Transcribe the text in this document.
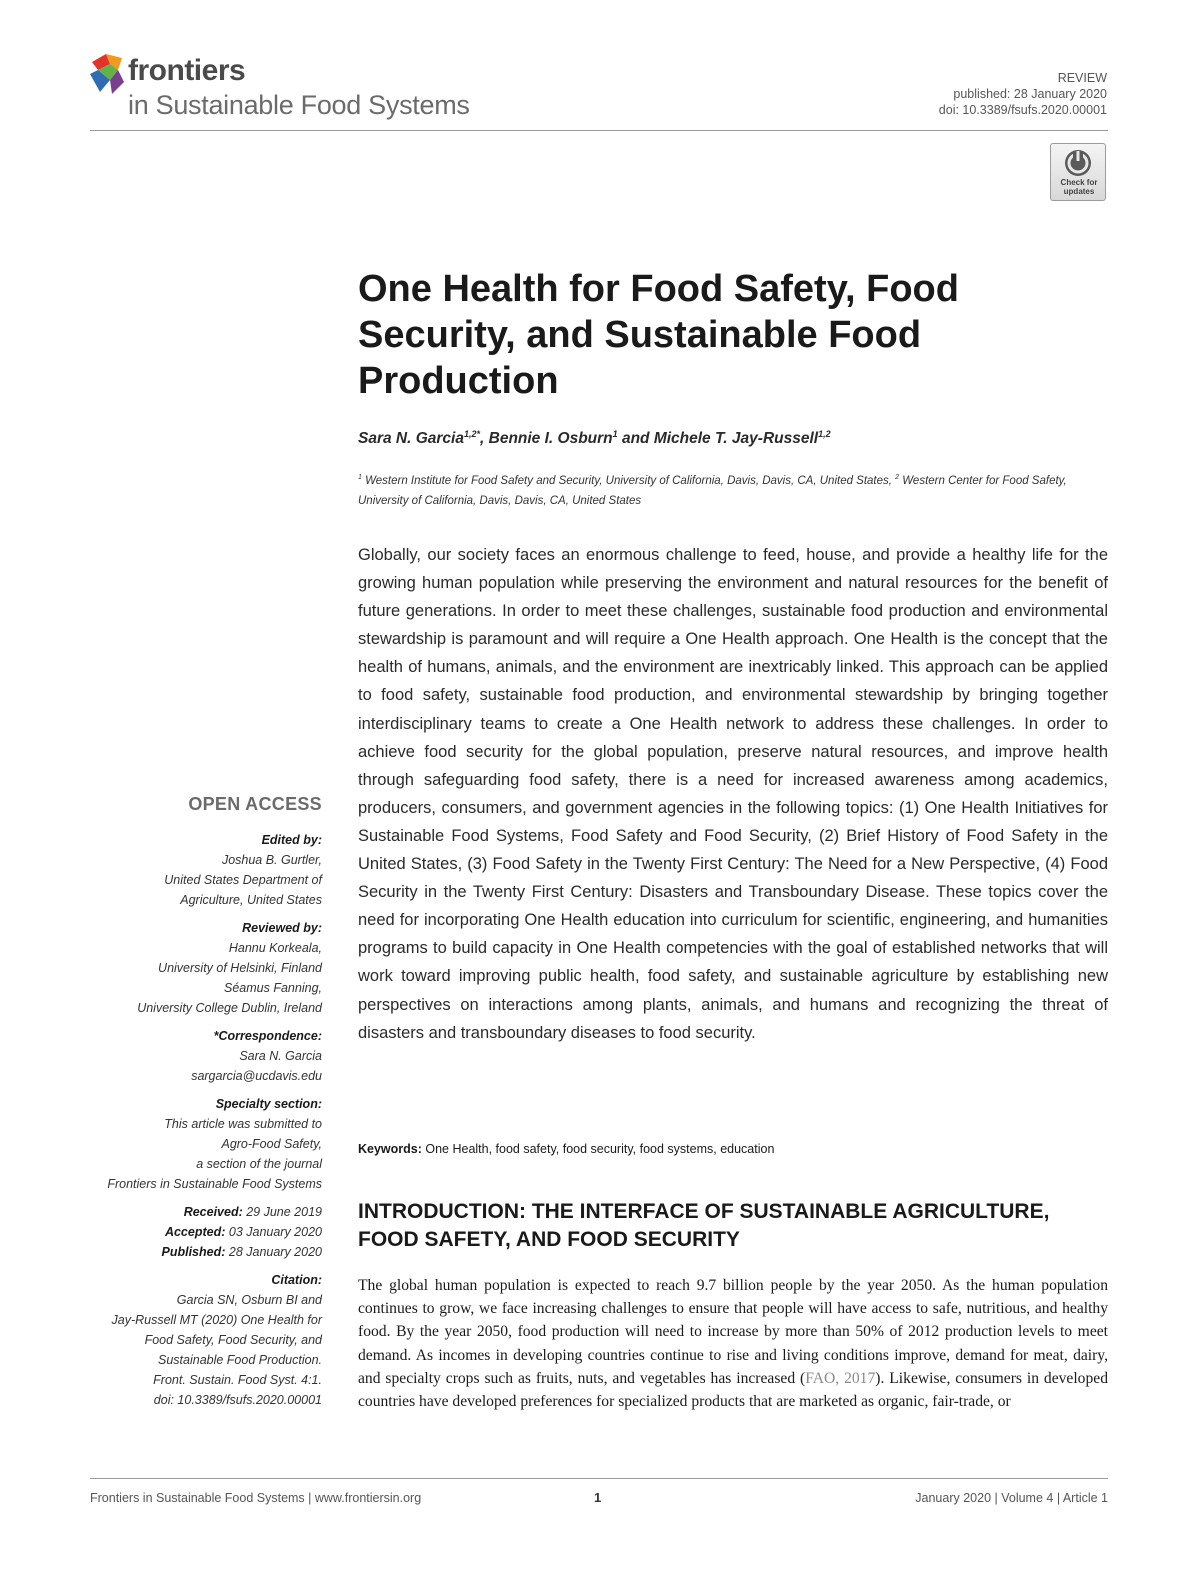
frontiers
in Sustainable Food Systems
REVIEW
published: 28 January 2020
doi: 10.3389/fsufs.2020.00001
Check for
updates
One Health for Food Safety, Food Security, and Sustainable Food Production
Sara N. Garcia$^{1,2*}$, Bennie I. Osburn$^1$ and Michele T. Jay-Russell$^{1,2}$
$^1$ Western Institute for Food Safety and Security, University of California, Davis, Davis, CA, United States, $^2$ Western Center for Food Safety, University of California, Davis, Davis, CA, United States

Globally, our society faces an enormous challenge to feed, house, and provide a healthy life for the growing human population while preserving the environment and natural resources for the benefit of future generations. In order to meet these challenges, sustainable food production and environmental stewardship is paramount and will require a One Health approach. One Health is the concept that the health of humans, animals, and the environment are inextricably linked. This approach can be applied to food safety, sustainable food production, and environmental stewardship by bringing together interdisciplinary teams to create a One Health network to address these challenges. In order to achieve food security for the global population, preserve natural resources, and improve health through safeguarding food safety, there is a need for increased awareness among academics, producers, consumers, and government agencies in the following topics: (1) One Health Initiatives for Sustainable Food Systems, Food Safety and Food Security, (2) Brief History of Food Safety in the United States, (3) Food Safety in the Twenty First Century: The Need for a New Perspective, (4) Food Security in the Twenty First Century: Disasters and Transboundary Disease. These topics cover the need for incorporating One Health education into curriculum for scientific, engineering, and humanities programs to build capacity in One Health competencies with the goal of established networks that will work toward improving public health, food safety, and sustainable agriculture by establishing new perspectives on interactions among plants, animals, and humans and recognizing the threat of disasters and transboundary diseases to food security.

Keywords: One Health, food safety, food security, food systems, education
INTRODUCTION: THE INTERFACE OF SUSTAINABLE AGRICULTURE, FOOD SAFETY, AND FOOD SECURITY

The global human population is expected to reach 9.7 billion people by the year 2050. As the human population continues to grow, we face increasing challenges to ensure that people will have access to safe, nutritious, and healthy food. By the year 2050, food production will need to increase by more than 50% of 2012 production levels to meet demand. As incomes in developing countries continue to rise and living conditions improve, demand for meat, dairy, and specialty crops such as fruits, nuts, and vegetables has increased (FAO, 2017). Likewise, consumers in developed countries have developed preferences for specialized products that are marketed as organic, fair-trade, or

OPEN ACCESS
Edited by:
Joshua B. Gurtler,
United States Department of
Agriculture, United States
Reviewed by:
Hannu Korkeala,
University of Helsinki, Finland
Séamus Fanning,
University College Dublin, Ireland
*Correspondence:
Sara N. Garcia
sargarcia@ucdavis.edu
Specialty section:
This article was submitted to
Agro-Food Safety,
a section of the journal
Frontiers in Sustainable Food Systems
Received: 29 June 2019
Accepted: 03 January 2020
Published: 28 January 2020
Citation:
Garcia SN, Osburn BI and
Jay-Russell MT (2020) One Health for
Food Safety, Food Security, and
Sustainable Food Production.
Front. Sustain. Food Syst. 4:1.
doi: 10.3389/fsufs.2020.00001
Frontiers in Sustainable Food Systems | www.frontiersin.org	1	January 2020 | Volume 4 | Article 1
